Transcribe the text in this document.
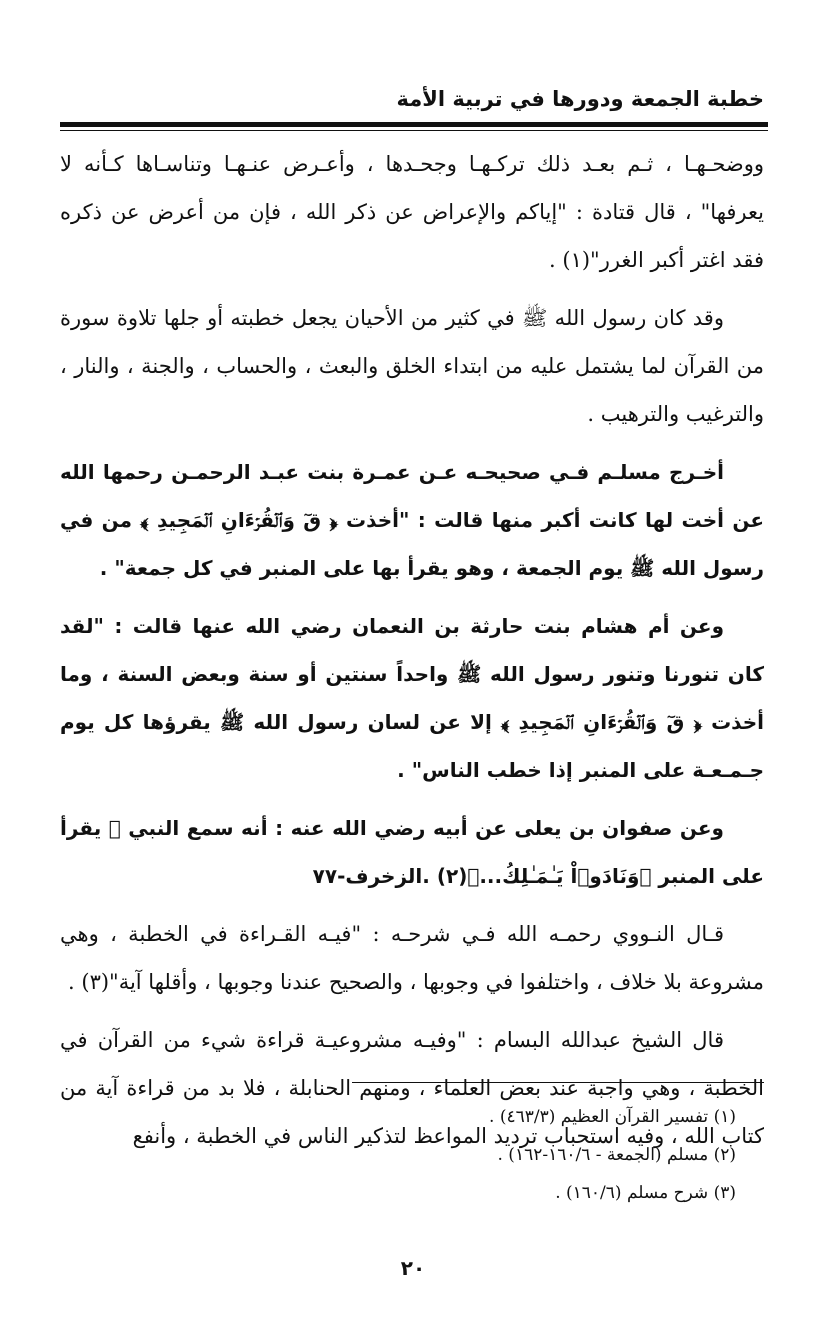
خطبة الجمعة ودورها في تربية الأمة

ووضحـهـا ، ثـم بعـد ذلك تركـهـا وجحـدها ، وأعـرض عنـهـا وتناسـاها كـأنه لا يعرفها" ، قال قتادة : "إياكم والإعراض عن ذكر الله ، فإن من أعرض عن ذكره فقد اغتر أكبر الغرر"(١) .

وقد كان رسول الله ﷺ في كثير من الأحيان يجعل خطبته أو جلها تلاوة سورة من القرآن لما يشتمل عليه من ابتداء الخلق والبعث ، والحساب ، والجنة ، والنار ، والترغيب والترهيب .

أخـرج مسلـم فـي صحيحـه عـن عمـرة بنت عبـد الرحمـن رحمها الله عن أخت لها كانت أكبر منها قالت : "أخذت ﴿ قٓ وَٱلۡقُرۡءَانِ ٱلۡمَجِيدِ ﴾ من في رسول الله ﷺ يوم الجمعة ، وهو يقرأ بها على المنبر في كل جمعة" .

وعن أم هشام بنت حارثة بن النعمان رضي الله عنها قالت : "لقد كان تنورنا وتنور رسول الله ﷺ واحداً سنتين أو سنة وبعض السنة ، وما أخذت ﴿ قٓ وَٱلۡقُرۡءَانِ ٱلۡمَجِيدِ ﴾ إلا عن لسان رسول الله ﷺ يقرؤها كل يوم جـمـعـة على المنبر إذا خطب الناس" .

وعن صفوان بن يعلى عن أبيه رضي الله عنه : أنه سمع النبي ﷺ يقرأ على المنبر ﴿وَنَادَوۡاْ يَـٰمَـٰلِكُ...﴾(٢) .الزخرف-٧٧

قـال النـووي رحمـه الله فـي شرحـه : "فيـه القـراءة في الخطبة ، وهي مشروعة بلا خلاف ، واختلفوا في وجوبها ، والصحيح عندنا وجوبها ، وأقلها آية"(٣) .

قال الشيخ عبدالله البسام : "وفيـه مشروعيـة قراءة شيء من القرآن في الخطبة ، وهي واجبة عند بعض العلماء ، ومنهم الحنابلة ، فلا بد من قراءة آية من كتاب الله ، وفيه استحباب ترديد المواعظ لتذكير الناس في الخطبة ، وأنفع

(١) تفسير القرآن العظيم (٤٦٣/٣) .

(٢) مسلم (الجمعة - ١٦٠/٦-١٦٢) .

(٣) شرح مسلم (١٦٠/٦) .

٢٠
